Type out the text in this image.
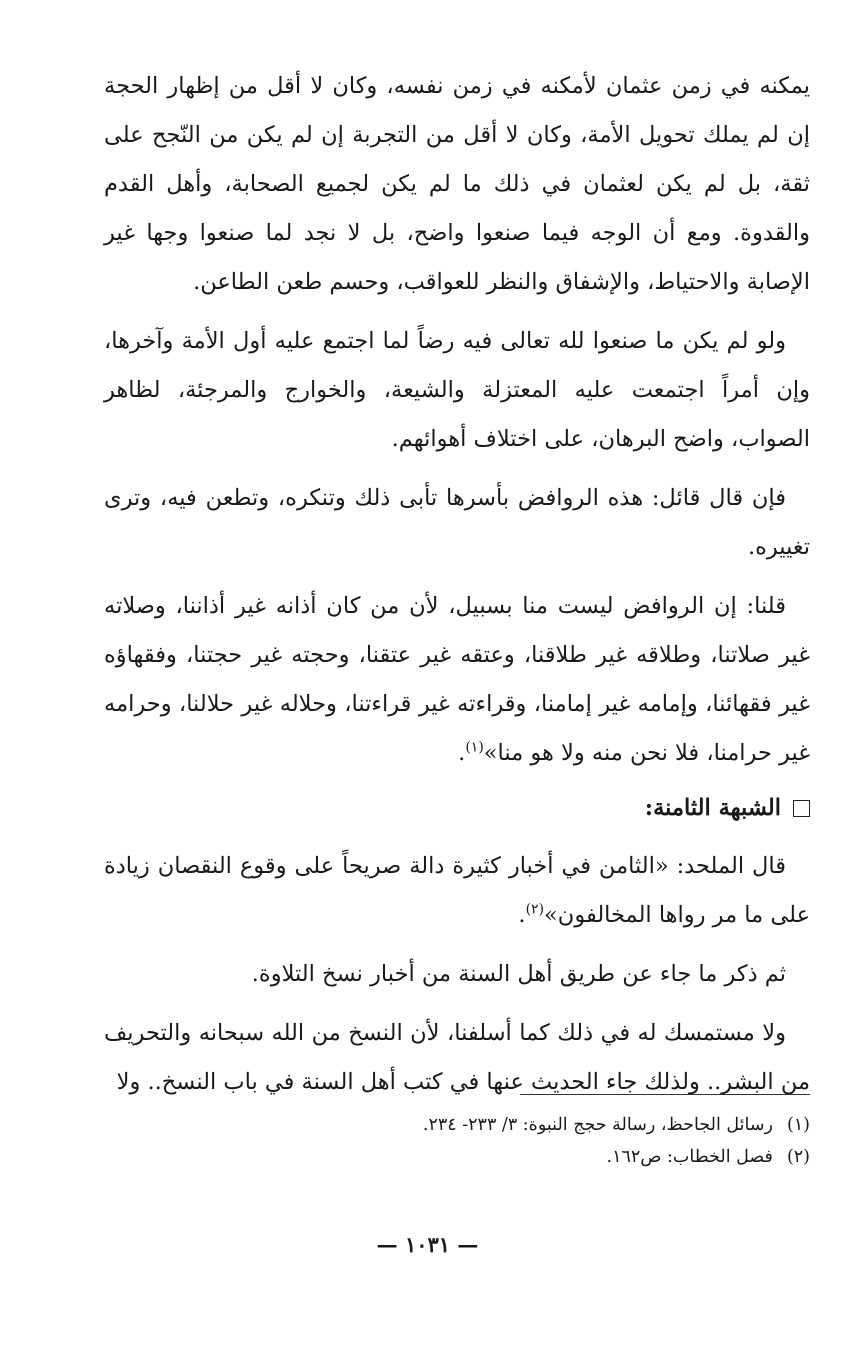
يمكنه في زمن عثمان لأمكنه في زمن نفسه، وكان لا أقل من إظهار الحجة إن لم يملك تحويل الأمة، وكان لا أقل من التجربة إن لم يكن من النّجح على ثقة، بل لم يكن لعثمان في ذلك ما لم يكن لجميع الصحابة، وأهل القدم والقدوة. ومع أن الوجه فيما صنعوا واضح، بل لا نجد لما صنعوا وجها غير الإصابة والاحتياط، والإشفاق والنظر للعواقب، وحسم طعن الطاعن.

ولو لم يكن ما صنعوا لله تعالى فيه رضاً لما اجتمع عليه أول الأمة وآخرها، وإن أمراً اجتمعت عليه المعتزلة والشيعة، والخوارج والمرجئة، لظاهر الصواب، واضح البرهان، على اختلاف أهوائهم.

فإن قال قائل: هذه الروافض بأسرها تأبى ذلك وتنكره، وتطعن فيه، وترى تغييره.

قلنا: إن الروافض ليست منا بسبيل، لأن من كان أذانه غير أذاننا، وصلاته غير صلاتنا، وطلاقه غير طلاقنا، وعتقه غير عتقنا، وحجته غير حجتنا، وفقهاؤه غير فقهائنا، وإمامه غير إمامنا، وقراءته غير قراءتنا، وحلاله غير حلالنا، وحرامه غير حرامنا، فلا نحن منه ولا هو منا»$^{(١)}$.

الشبهة الثامنة:

قال الملحد: «الثامن في أخبار كثيرة دالة صريحاً على وقوع النقصان زيادة على ما مر رواها المخالفون»$^{(٢)}$.

ثم ذكر ما جاء عن طريق أهل السنة من أخبار نسخ التلاوة.

ولا مستمسك له في ذلك كما أسلفنا، لأن النسخ من الله سبحانه والتحريف من البشر.. ولذلك جاء الحديث عنها في كتب أهل السنة في باب النسخ.. ولا

(١)
رسائل الجاحظ، رسالة حجج النبوة: ٣/ ٢٣٣- ٢٣٤.
(٢)
فصل الخطاب: ص١٦٢.
— ١٠٣١ —
